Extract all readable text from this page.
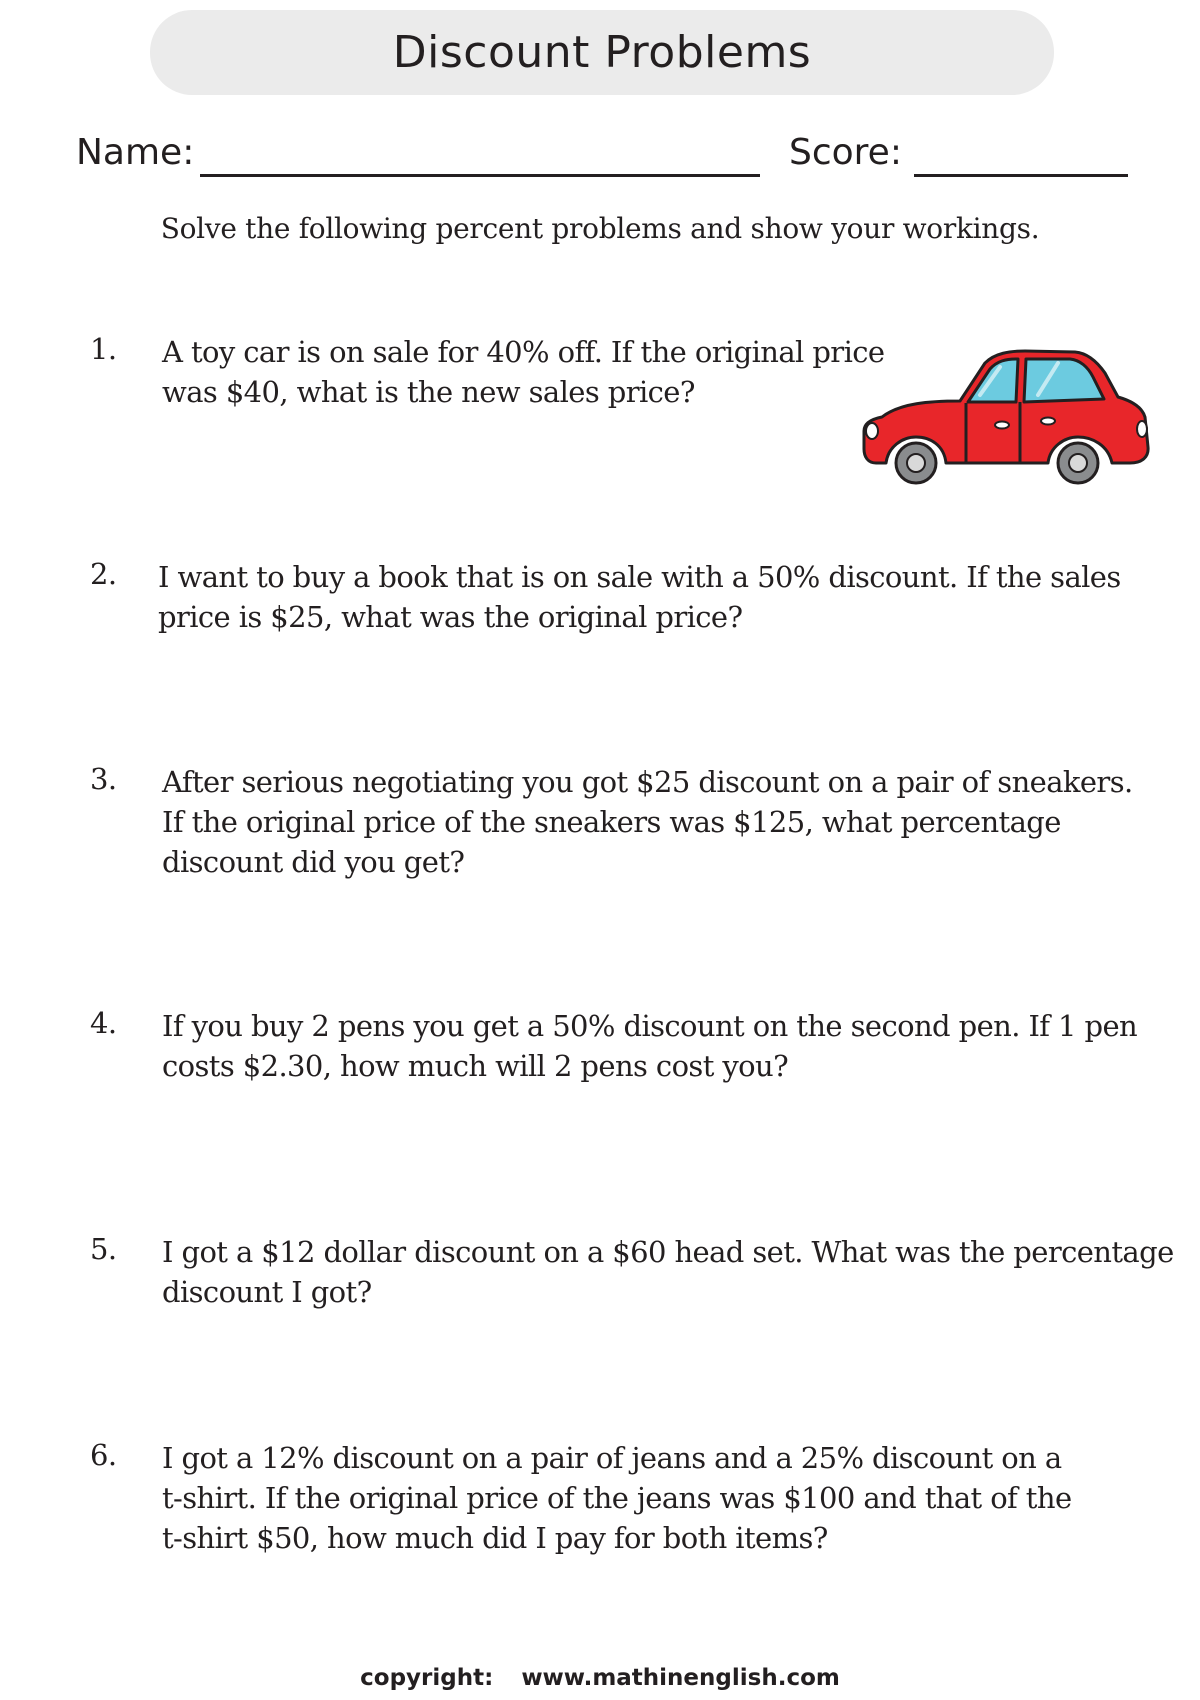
Discount Problems
Name:	Score:
Solve the following percent problems and show your workings.
1. A toy car is on sale for 40% off. If the original price
was $40, what is the new sales price?
2. I want to buy a book that is on sale with a 50% discount. If the sales
price is $25, what was the original price?
3. After serious negotiating you got $25 discount on a pair of sneakers.
If the original price of the sneakers was $125, what percentage
discount did you get?
4. If you buy 2 pens you get a 50% discount on the second pen. If 1 pen
costs $2.30, how much will 2 pens cost you?
5. I got a $12 dollar discount on a $60 head set. What was the percentage
discount I got?
6. I got a 12% discount on a pair of jeans and a 25% discount on a
t-shirt. If the original price of the jeans was $100 and that of the
t-shirt $50, how much did I pay for both items?
copyright: www.mathinenglish.com
